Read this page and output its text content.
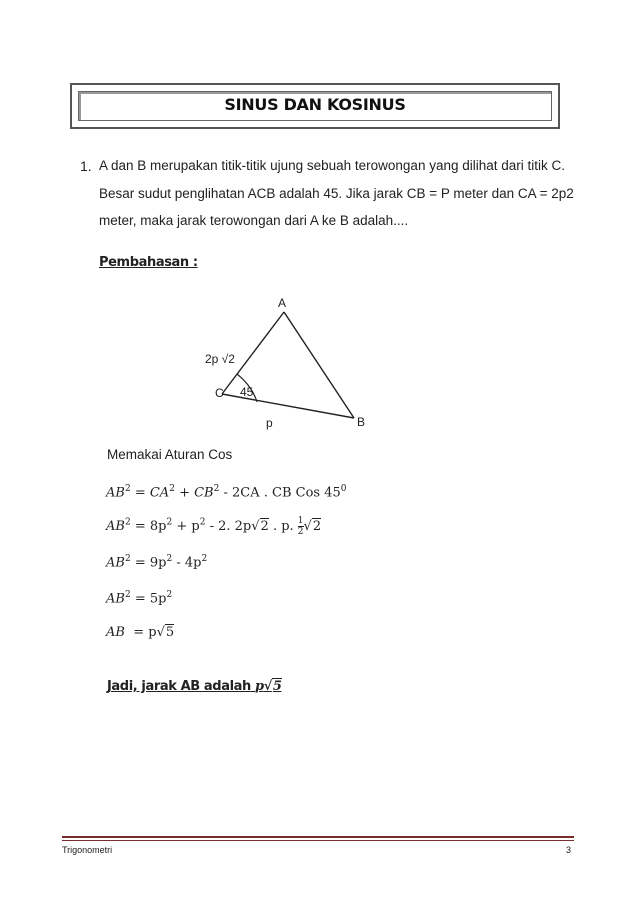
SINUS DAN KOSINUS
1. A dan B merupakan titik-titik ujung sebuah terowongan yang dilihat dari titik C.
Besar sudut penglihatan ACB adalah 45. Jika jarak CB = P meter dan CA = 2p2
meter, maka jarak terowongan dari A ke B adalah....
Pembahasan :
A
B
C 45
2p √2
p
Memakai Aturan Cos
$AB^2 = CA^2 + CB^2 - 2CA$ . CB Cos $45^0$
$AB^2 = 8p^2 + p^2 - 2$. 2p√2 . p. $\frac{1}{2} √2$
$AB^2 = 9p^2 - 4p^2$
$AB^2 = 5p^2$
AB = p√5
Jadi, jarak AB adalah p√5
Trigonometri	3
